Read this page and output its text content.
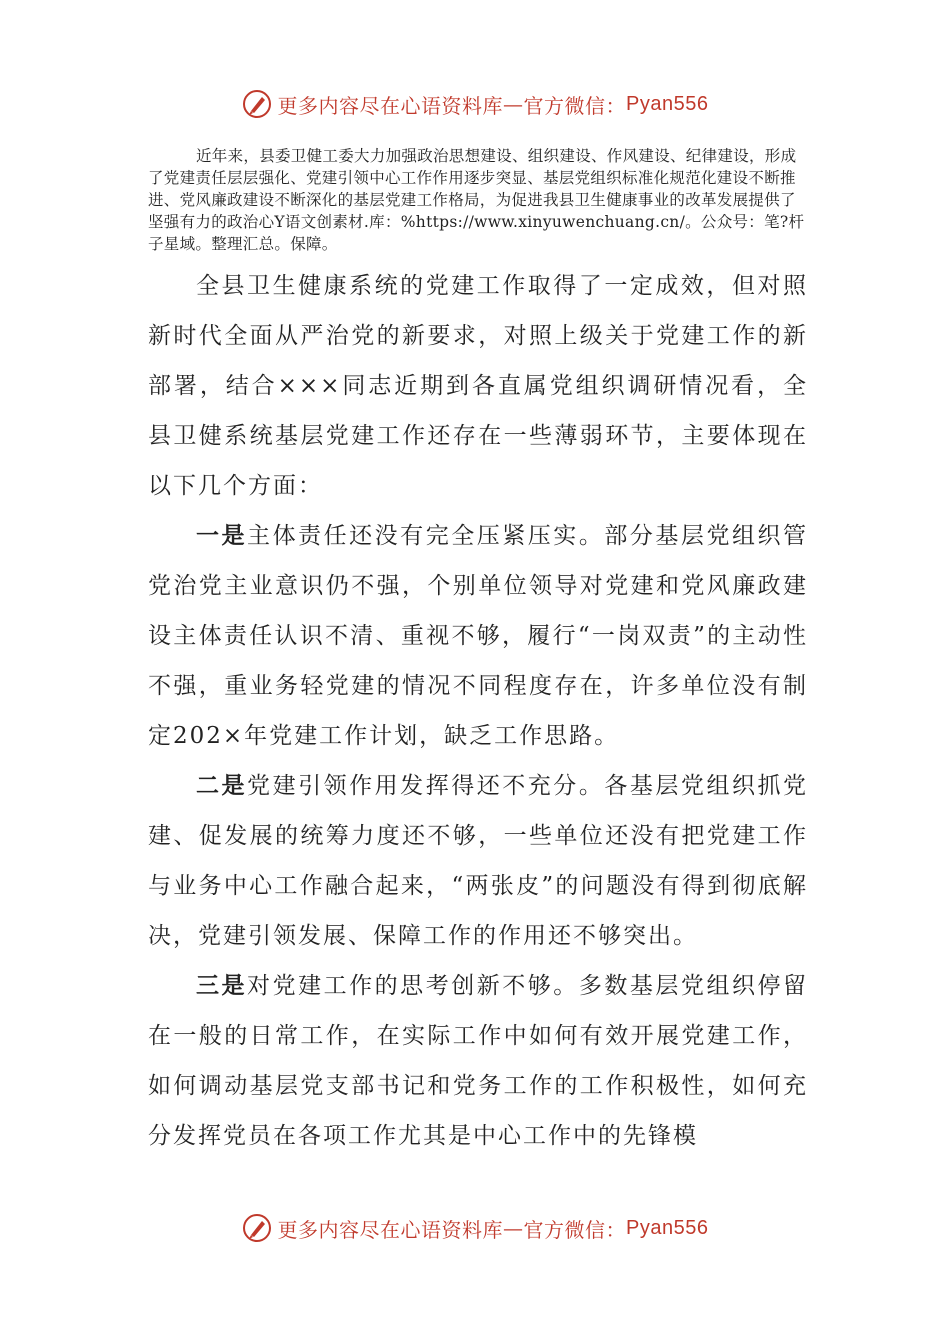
更多内容尽在心语资料库 — 官方微信： Pyan556

近年来，县委卫健工委大力加强政治思想建设、组织建设、作风建设、纪律建设，形成了党建责任层层强化、党建引领中心工作作用逐步突显、基层党组织标准化规范化建设不断推进、党风廉政建设不断深化的基层党建工作格局，为促进我县卫生健康事业的改革发展提供了坚强有力的政治心Y语文创素材.库：%https://www.xinyuwenchuang.cn/。公众号：笔?杆子星域。整理汇总。保障。

全县卫生健康系统的党建工作取得了一定成效，但对照新时代全面从严治党的新要求，对照上级关于党建工作的新部署，结合×××同志近期到各直属党组织调研情况看，全县卫健系统基层党建工作还存在一些薄弱环节，主要体现在以下几个方面：

一是主体责任还没有完全压紧压实。部分基层党组织管党治党主业意识仍不强，个别单位领导对党建和党风廉政建设主体责任认识不清、重视不够，履行“一岗双责”的主动性不强，重业务轻党建的情况不同程度存在，许多单位没有制定202×年党建工作计划，缺乏工作思路。

二是党建引领作用发挥得还不充分。各基层党组织抓党建、促发展的统筹力度还不够，一些单位还没有把党建工作与业务中心工作融合起来，“两张皮”的问题没有得到彻底解决，党建引领发展、保障工作的作用还不够突出。

三是对党建工作的思考创新不够。多数基层党组织停留在一般的日常工作，在实际工作中如何有效开展党建工作，如何调动基层党支部书记和党务工作的工作积极性，如何充分发挥党员在各项工作尤其是中心工作中的先锋模

更多内容尽在心语资料库 — 官方微信： Pyan556
